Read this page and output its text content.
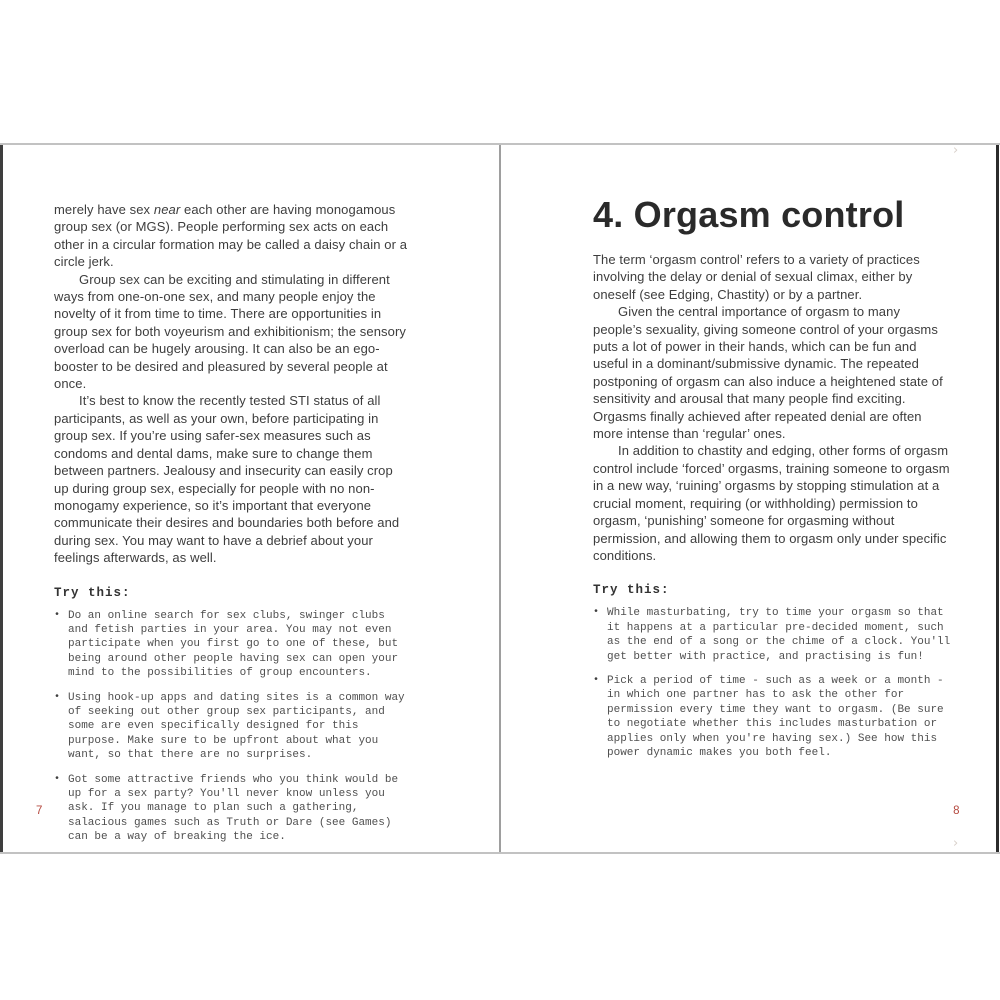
merely have sex near each other are having monogamous group sex (or MGS). People performing sex acts on each other in a circular formation may be called a daisy chain or a circle jerk.

Group sex can be exciting and stimulating in different ways from one-on-one sex, and many people enjoy the novelty of it from time to time. There are opportunities in group sex for both voyeurism and exhibitionism; the sensory overload can be hugely arousing. It can also be an ego-booster to be desired and pleasured by several people at once.

It’s best to know the recently tested STI status of all participants, as well as your own, before participating in group sex. If you’re using safer-sex measures such as condoms and dental dams, make sure to change them between partners. Jealousy and insecurity can easily crop up during group sex, especially for people with no non-monogamy experience, so it’s important that everyone communicate their desires and boundaries both before and during sex. You may want to have a debrief about your feelings afterwards, as well.

Try this:
• Do an online search for sex clubs, swinger clubs and fetish parties in your area. You may not even participate when you first go to one of these, but being around other people having sex can open your mind to the possibilities of group encounters.
• Using hook-up apps and dating sites is a common way of seeking out other group sex participants, and some are even specifically designed for this purpose. Make sure to be upfront about what you want, so that there are no surprises.
• Got some attractive friends who you think would be up for a sex party? You'll never know unless you ask. If you manage to plan such a gathering, salacious games such as Truth or Dare (see Games) can be a way of breaking the ice.
4. Orgasm control

The term ‘orgasm control’ refers to a variety of practices involving the delay or denial of sexual climax, either by oneself (see Edging, Chastity) or by a partner.

Given the central importance of orgasm to many people’s sexuality, giving someone control of your orgasms puts a lot of power in their hands, which can be fun and useful in a dominant/submissive dynamic. The repeated postponing of orgasm can also induce a heightened state of sensitivity and arousal that many people find exciting. Orgasms finally achieved after repeated denial are often more intense than ‘regular’ ones.

In addition to chastity and edging, other forms of orgasm control include ‘forced’ orgasms, training someone to orgasm in a new way, ‘ruining’ orgasms by stopping stimulation at a crucial moment, requiring (or withholding) permission to orgasm, ‘punishing’ someone for orgasming without permission, and allowing them to orgasm only under specific conditions.

Try this:
• While masturbating, try to time your orgasm so that it happens at a particular pre-decided moment, such as the end of a song or the chime of a clock. You'll get better with practice, and practising is fun!
• Pick a period of time - such as a week or a month - in which one partner has to ask the other for permission every time they want to orgasm. (Be sure to negotiate whether this includes masturbation or applies only when you're having sex.) See how this power dynamic makes you both feel.
7	8
›
›
